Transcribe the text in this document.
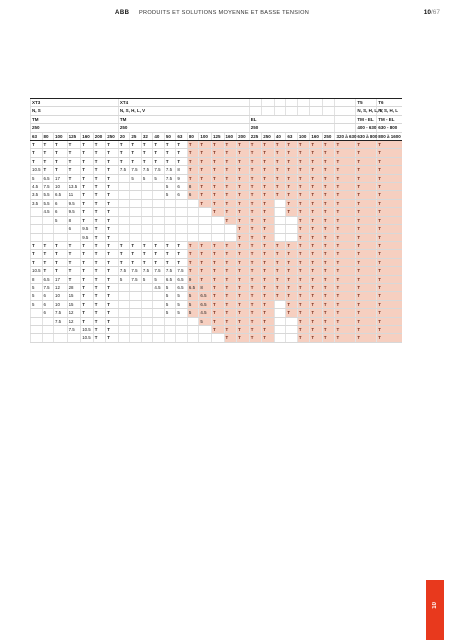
ABB PRODUITS ET SOLUTIONS MOYENNE ET BASSE TENSION	10/67
XT3							XT4																			T5	T6
N, S							N, S, H, L, V																			N, S, H, L, V	N, S, H, L
TM							TM											EL								TM - EL	TM - EL
250							250											250								400 - 630	630 - 800
63	80	100	125	160	200	250	20	25	32	40	50	63	80	100	125	160	200	225	250	40	63	100	160	250	320 à 630	630 à 800	800 à 1600
T	T	T	T	T	T	T	T	T	T	T	T	T	T	T	T	T	T	T	T	T	T	T	T	T	T	T	T
T	T	T	T	T	T	T	T	T	T	T	T	T	T	T	T	T	T	T	T	T	T	T	T	T	T	T	T
T	T	T	T	T	T	T	T	T	T	T	T	T	T	T	T	T	T	T	T	T	T	T	T	T	T	T	T
10.5	T	T	T	T	T	T	7.5	7.5	7.5	7.5	7.5	8	T	T	T	T	T	T	T	T	T	T	T	T	T	T	T
5	6.5	17	T	T	T	T		5	5	5	7.5	9	T	T	T	T	T	T	T	T	T	T	T	T	T	T	T
4.5	7.5	10	13.5	T	T	T					5	6	8	T	T	T	T	T	T	T	T	T	T	T	T	T	T
3.5	5.5	6.5	11	T	T	T					5	6	6	T	T	T	T	T	T	T	T	T	T	T	T	T	T
3.5	5.5	6	9.5	T	T	T								T	T	T	T	T	T		T	T	T	T	T	T	T
	4.5	6	9.5	T	T	T									T	T	T	T	T		T	T	T	T	T	T	T
		5	8	T	T	T										T	T	T	T			T	T	T	T	T	T
			6	9.5	T	T											T	T	T			T	T	T	T	T	T
				9.5	T	T											T	T	T			T	T	T	T	T	T
T	T	T	T	T	T	T	T	T	T	T	T	T	T	T	T	T	T	T	T	T	T	T	T	T	T	T	T
T	T	T	T	T	T	T	T	T	T	T	T	T	T	T	T	T	T	T	T	T	T	T	T	T	T	T	T
T	T	T	T	T	T	T	T	T	T	T	T	T	T	T	T	T	T	T	T	T	T	T	T	T	T	T	T
10.5	T	T	T	T	T	T	7.5	7.5	7.5	7.5	7.5	7.5	T	T	T	T	T	T	T	T	T	T	T	T	T	T	T
8	6.5	17	T	T	T	T	5	7.5	5	5	6.5	6.5	9	T	T	T	T	T	T	T	T	T	T	T	T	T	T
5	7.5	12	28	T	T	T				4.5	5	6.5	6.5	8	T	T	T	T	T	T	T	T	T	T	T	T	T
5	6	10	15	T	T	T					5	5	5	6.5	T	T	T	T	T	T	T	T	T	T	T	T	T
5	6	10	15	T	T	T					5	5	5	6.5	T	T	T	T	T		T	T	T	T	T	T	T
	6	7.5	12	T	T	T					5	5	5	4.5	T	T	T	T	T		T	T	T	T	T	T	T
		7.5	12	T	T	T								5	T	T	T	T	T			T	T	T	T	T	T
			7.5	10.5	T	T									T	T	T	T	T			T	T	T	T	T	T
				10.5	T	T										T	T	T	T			T	T	T	T	T	T
10
